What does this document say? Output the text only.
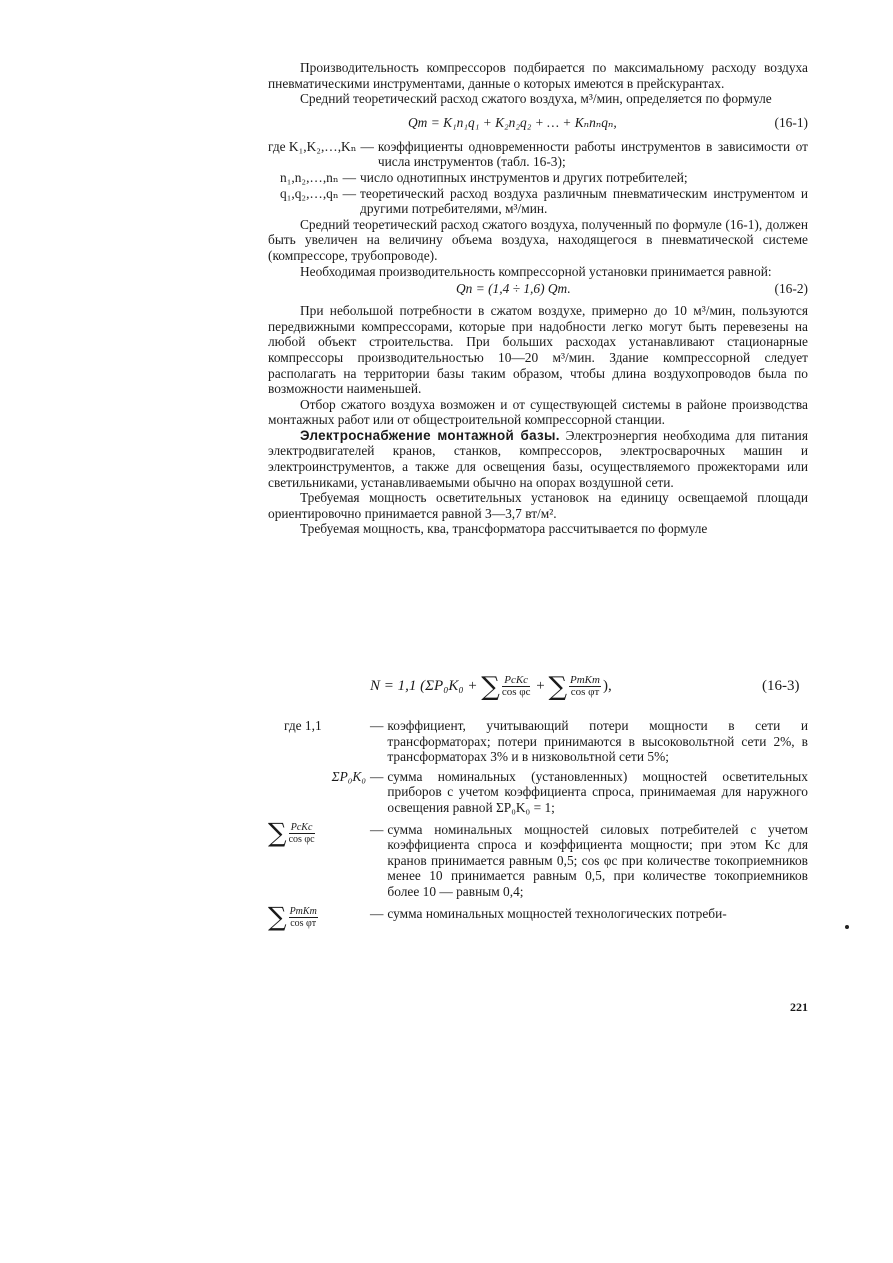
Производительность компрессоров подбирается по максимальному расходу воздуха пневматическими инструментами, данные о которых имеются в прейскурантах.

Средний теоретический расход сжатого воздуха, м³/мин, определяется по формуле

Qт = K₁n₁q₁ + K₂n₂q₂ + … + Kₙnₙqₙ,	(16-1)
где K₁,K₂,…,Kₙ — коэффициенты одновременности работы инструментов в зависимости от числа инструментов (табл. 16-3);
n₁,n₂,…,nₙ — число однотипных инструментов и других потребителей;
q₁,q₂,…,qₙ — теоретический расход воздуха различным пневматическим инструментом и другими потребителями, м³/мин.

Средний теоретический расход сжатого воздуха, полученный по формуле (16-1), должен быть увеличен на величину объема воздуха, находящегося в пневматической системе (компрессоре, трубопроводе).

Необходимая производительность компрессорной установки принимается равной:

Qп = (1,4 ÷ 1,6) Qт.	(16-2)

При небольшой потребности в сжатом воздухе, примерно до 10 м³/мин, пользуются передвижными компрессорами, которые при надобности легко могут быть перевезены на любой объект строительства. При больших расходах устанавливают стационарные компрессоры производительностью 10—20 м³/мин. Здание компрессорной следует располагать на территории базы таким образом, чтобы длина воздухопроводов была по возможности наименьшей.

Отбор сжатого воздуха возможен и от существующей системы в районе производства монтажных работ или от общестроительной компрессорной станции.

Электроснабжение монтажной базы. Электроэнергия необходима для питания электродвигателей кранов, станков, компрессоров, электросварочных машин и электроинструментов, а также для освещения базы, осуществляемого прожекторами или светильниками, устанавливаемыми обычно на опорах воздушной сети.

Требуемая мощность осветительных установок на единицу освещаемой площади ориентировочно принимается равной 3—3,7 вт/м².

Требуемая мощность, ква, трансформатора рассчитывается по формуле

N = 1,1 (ΣP₀K₀ + ∑ $\frac{\text{PсKс}}{\text{cos φс}}$ + ∑ $\frac{\text{PтKт}}{\text{cos φт}}$ ),	(16-3)
где 1,1	— коэффициент, учитывающий потери мощности в сети и трансформаторах; потери принимаются в высоковольтной сети 2%, в трансформаторах 3% и в низковольтной сети 5%;
ΣP₀K₀ — сумма номинальных (установленных) мощностей осветительных приборов с учетом коэффициента спроса, принимаемая для наружного освещения равной ΣP₀K₀ = 1;
∑ $\frac{\text{PсKс}}{\text{cos φс}}$	— сумма номинальных мощностей силовых потребителей с учетом коэффициента спроса и коэффициента мощности; при этом Kс для кранов принимается равным 0,5; cos φс при количестве токоприемников менее 10 принимается равным 0,5, при количестве токоприемников более 10 — равным 0,4;
∑ $\frac{\text{PтKт}}{\text{cos φт}}$	— сумма номинальных мощностей технологических потреби-
221
